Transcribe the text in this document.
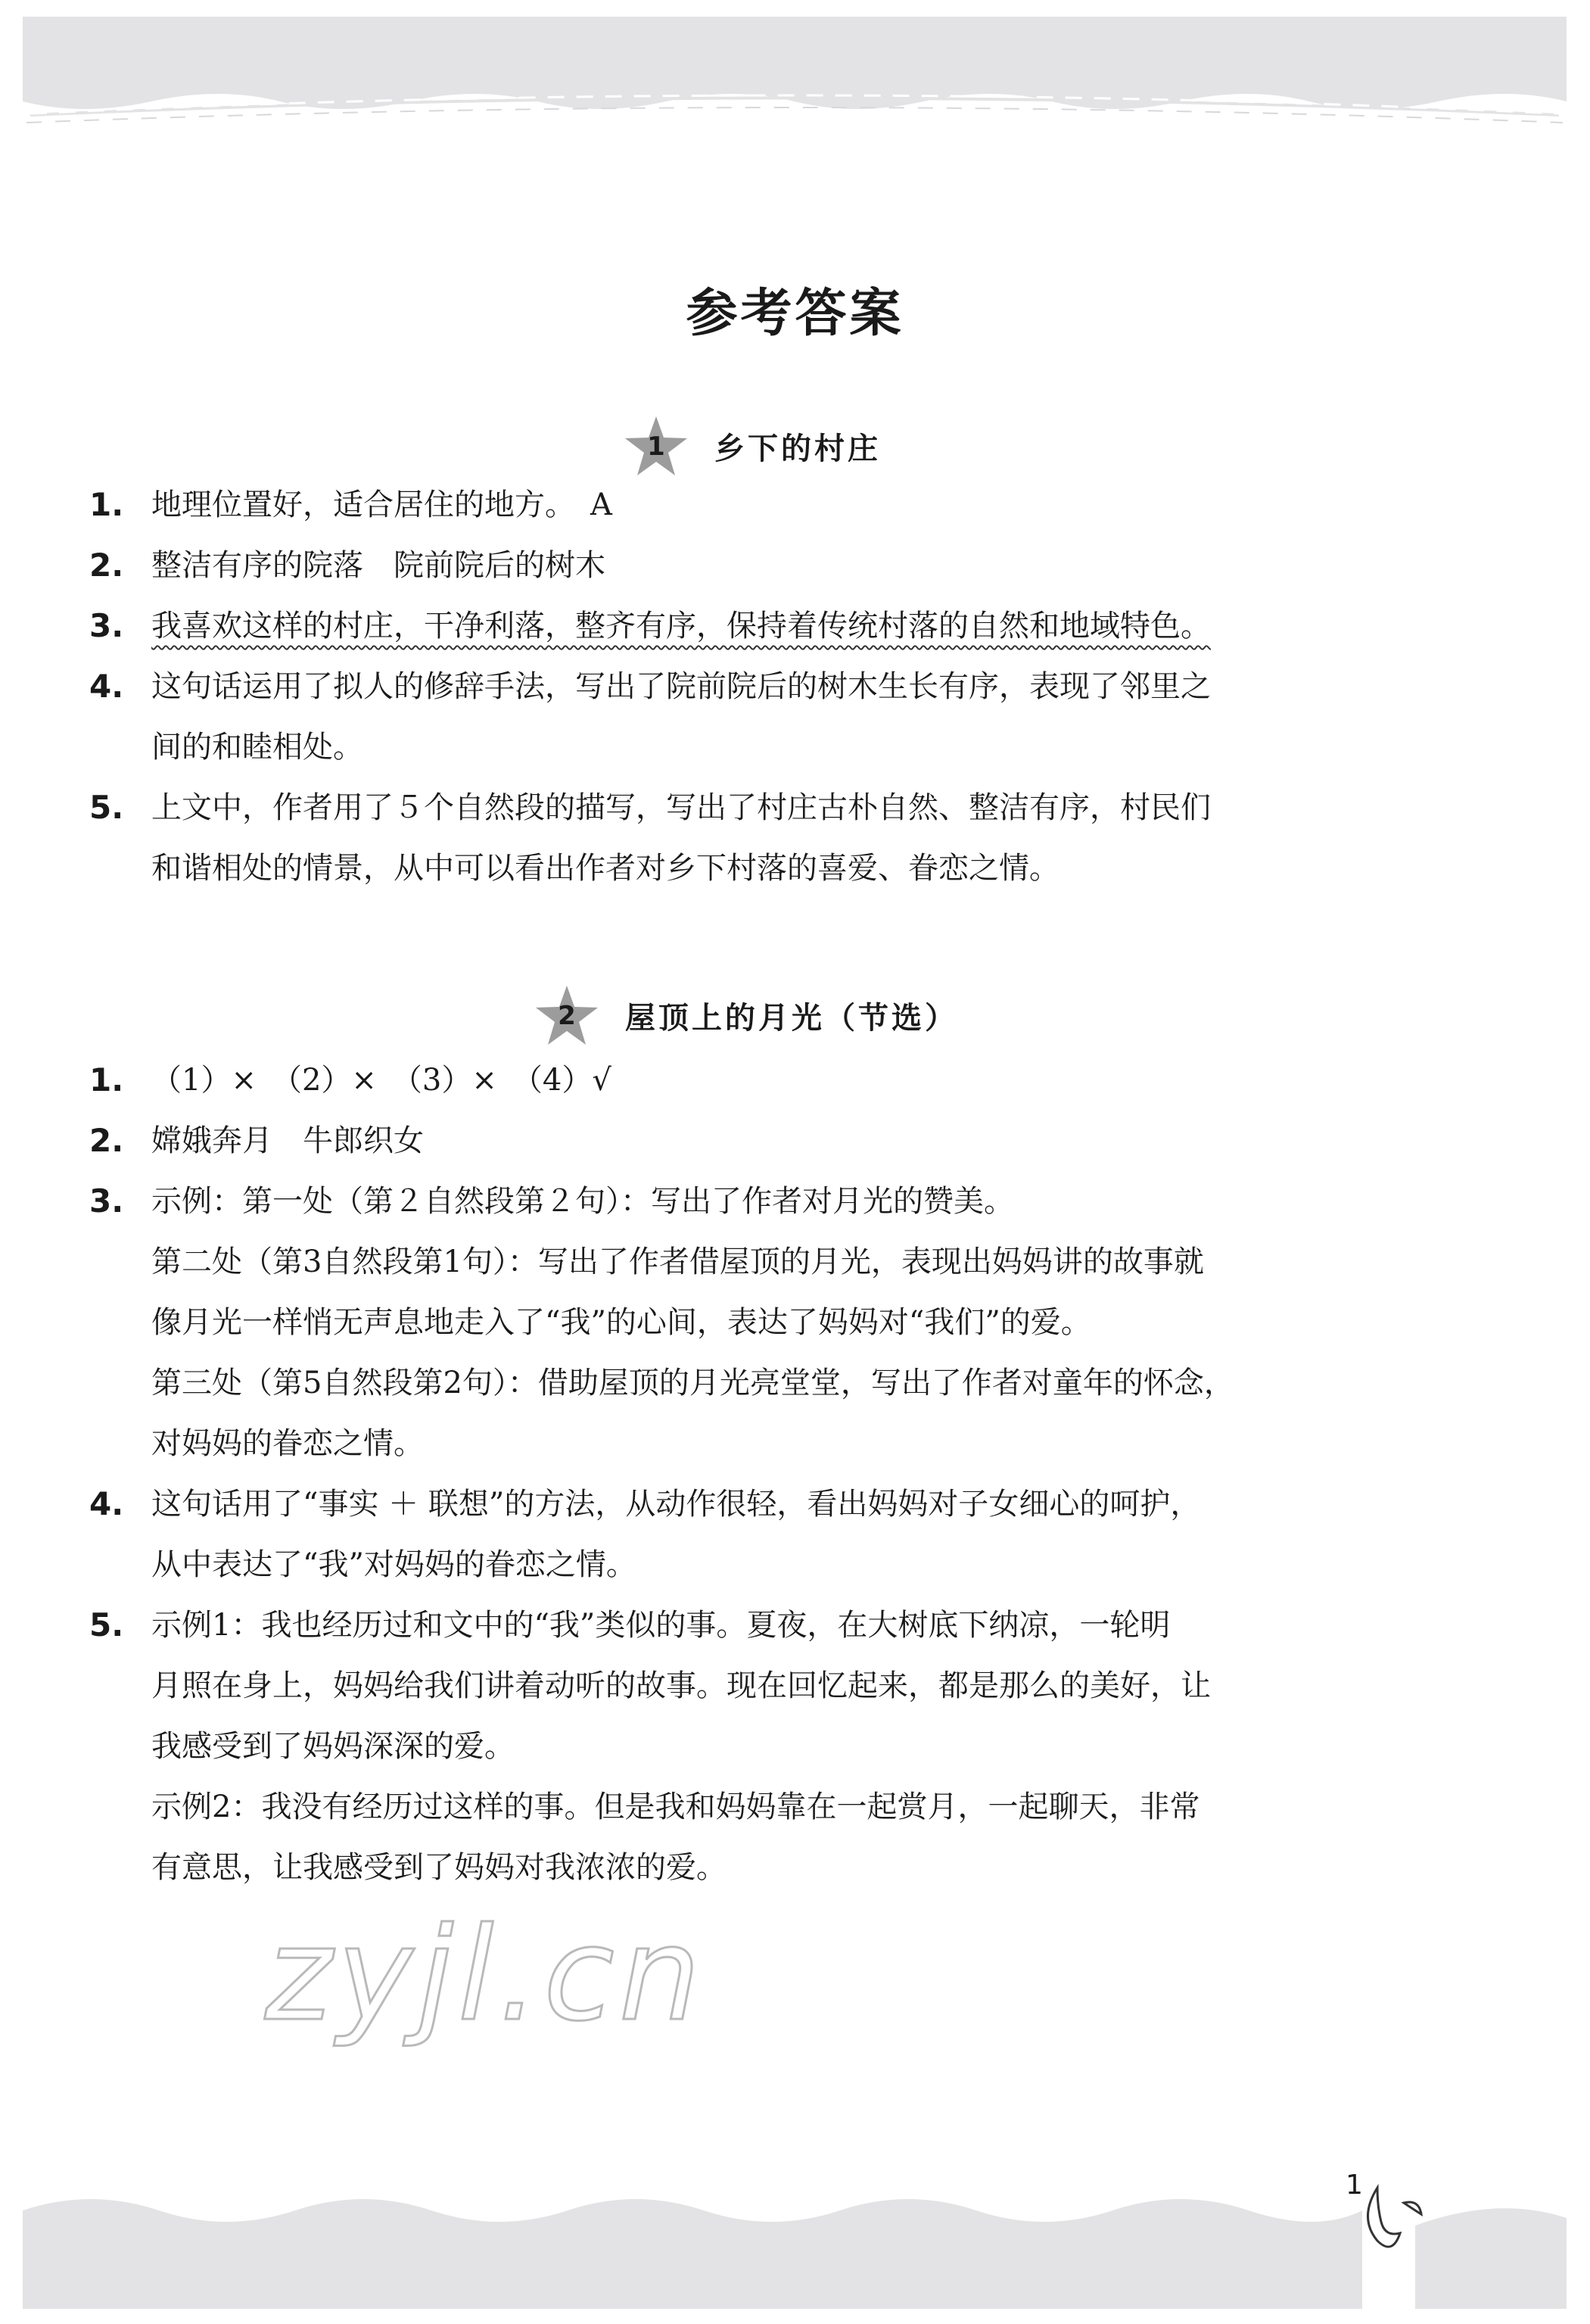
参考答案
1	乡下的村庄
1. 地理位置好，适合居住的地方。　A

2. 整洁有序的院落　院前院后的树木

3. 我喜欢这样的村庄，干净利落，整齐有序，保持着传统村落的自然和地域特色。

4. 这句话运用了拟人的修辞手法，写出了院前院后的树木生长有序，表现了邻里之

间的和睦相处。

5. 上文中，作者用了５个自然段的描写，写出了村庄古朴自然、整洁有序，村民们

和谐相处的情景，从中可以看出作者对乡下村落的喜爱、眷恋之情。

2	屋顶上的月光（节选）
1. （1）×　（2）×　（3）×　（4）√

2. 嫦娥奔月　牛郎织女

3. 示例：第一处（第２自然段第２句）：写出了作者对月光的赞美。

第二处（第3自然段第1句）：写出了作者借屋顶的月光，表现出妈妈讲的故事就

像月光一样悄无声息地走入了“我”的心间，表达了妈妈对“我们”的爱。

第三处（第5自然段第2句）：借助屋顶的月光亮堂堂，写出了作者对童年的怀念，

对妈妈的眷恋之情。

4. 这句话用了“事实 ＋ 联想”的方法，从动作很轻，看出妈妈对子女细心的呵护，

从中表达了“我”对妈妈的眷恋之情。

5. 示例1：我也经历过和文中的“我”类似的事。夏夜，在大树底下纳凉，一轮明

月照在身上，妈妈给我们讲着动听的故事。现在回忆起来，都是那么的美好，让

我感受到了妈妈深深的爱。

示例2：我没有经历过这样的事。但是我和妈妈靠在一起赏月，一起聊天，非常

有意思，让我感受到了妈妈对我浓浓的爱。

zyjl.cn
1
